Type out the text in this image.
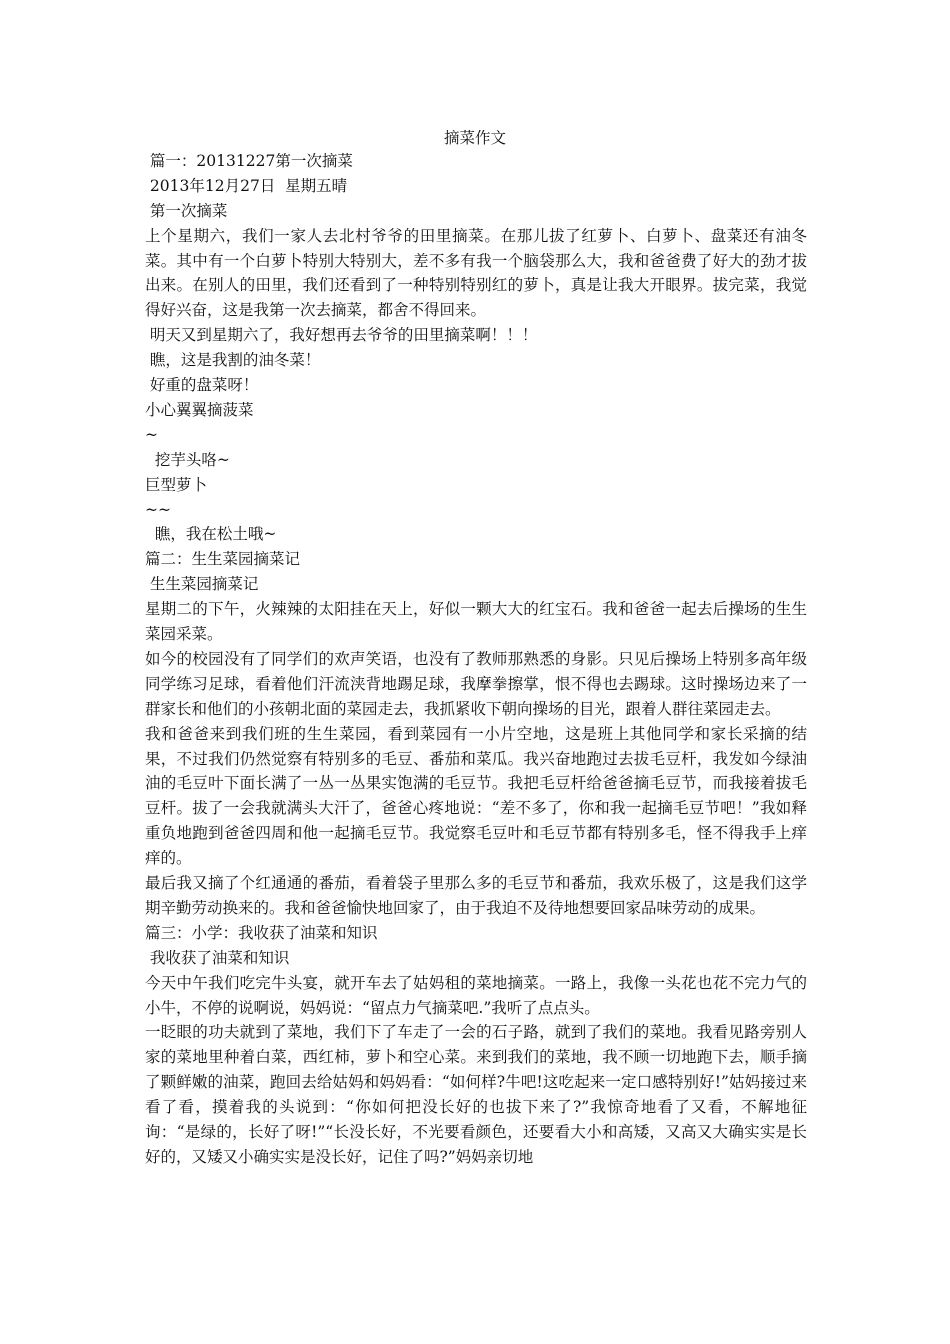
摘菜作文
篇一：20131227第一次摘菜
2013年12月27日  星期五晴
第一次摘菜
上个星期六，我们一家人去北村爷爷的田里摘菜。在那儿拔了红萝卜、白萝卜、盘菜还有油冬菜。其中有一个白萝卜特别大特别大，差不多有我一个脑袋那么大，我和爸爸费了好大的劲才拔出来。在别人的田里，我们还看到了一种特别特别红的萝卜，真是让我大开眼界。拔完菜，我觉得好兴奋，这是我第一次去摘菜，都舍不得回来。
明天又到星期六了，我好想再去爷爷的田里摘菜啊！！！
瞧，这是我割的油冬菜！
好重的盘菜呀！
小心翼翼摘菠菜
~
挖芋头咯~
巨型萝卜
~~
瞧，我在松土哦~
篇二：生生菜园摘菜记
生生菜园摘菜记
星期二的下午，火辣辣的太阳挂在天上，好似一颗大大的红宝石。我和爸爸一起去后操场的生生菜园采菜。
如今的校园没有了同学们的欢声笑语，也没有了教师那熟悉的身影。只见后操场上特别多高年级同学练习足球，看着他们汗流浃背地踢足球，我摩拳擦掌，恨不得也去踢球。这时操场边来了一群家长和他们的小孩朝北面的菜园走去，我抓紧收下朝向操场的目光，跟着人群往菜园走去。
我和爸爸来到我们班的生生菜园，看到菜园有一小片空地，这是班上其他同学和家长采摘的结果，不过我们仍然觉察有特别多的毛豆、番茄和菜瓜。我兴奋地跑过去拔毛豆杆，我发如今绿油油的毛豆叶下面长满了一丛一丛果实饱满的毛豆节。我把毛豆杆给爸爸摘毛豆节，而我接着拔毛豆杆。拔了一会我就满头大汗了，爸爸心疼地说：“差不多了，你和我一起摘毛豆节吧！”我如释重负地跑到爸爸四周和他一起摘毛豆节。我觉察毛豆叶和毛豆节都有特别多毛，怪不得我手上痒痒的。
最后我又摘了个红通通的番茄，看着袋子里那么多的毛豆节和番茄，我欢乐极了，这是我们这学期辛勤劳动换来的。我和爸爸愉快地回家了，由于我迫不及待地想要回家品味劳动的成果。
篇三：小学：我收获了油菜和知识
我收获了油菜和知识
今天中午我们吃完牛头宴，就开车去了姑妈租的菜地摘菜。一路上，我像一头花也花不完力气的小牛，不停的说啊说，妈妈说：“留点力气摘菜吧.”我听了点点头。
一眨眼的功夫就到了菜地，我们下了车走了一会的石子路，就到了我们的菜地。我看见路旁别人家的菜地里种着白菜，西红柿，萝卜和空心菜。来到我们的菜地，我不顾一切地跑下去，顺手摘了颗鲜嫩的油菜，跑回去给姑妈和妈妈看：“如何样?牛吧!这吃起来一定口感特别好!”姑妈接过来看了看，摸着我的头说到：“你如何把没长好的也拔下来了?”我惊奇地看了又看，不解地征询：“是绿的，长好了呀!”“长没长好，不光要看颜色，还要看大小和高矮，又高又大确实实是长好的，又矮又小确实实是没长好，记住了吗?”妈妈亲切地
